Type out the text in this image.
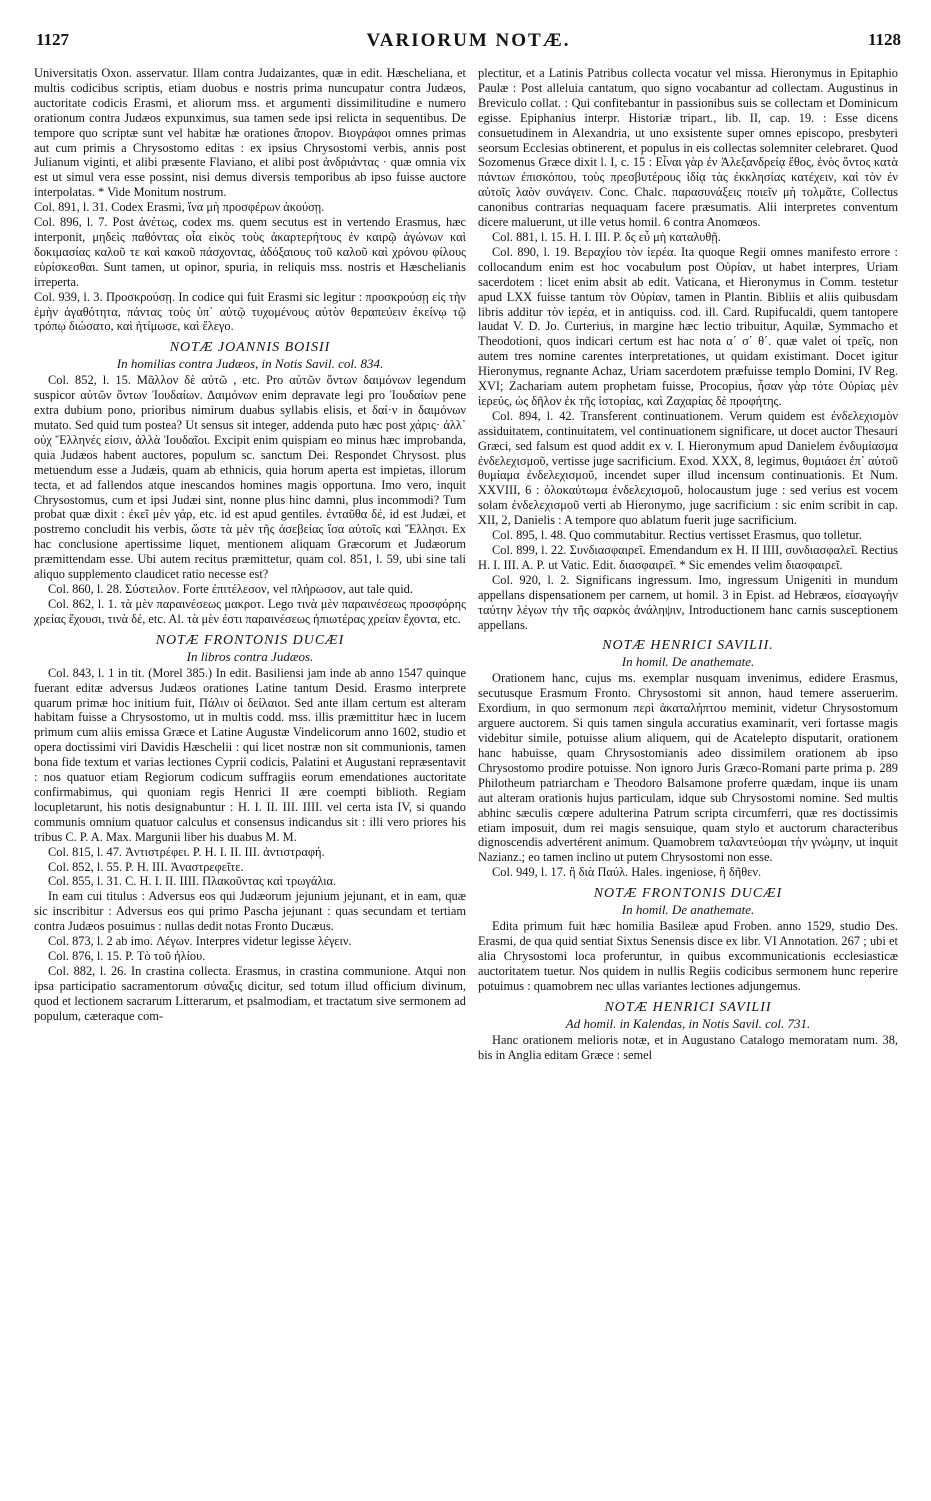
1127	VARIORUM NOTÆ.	1128

Universitatis Oxon. asservatur. Illam contra Judaizantes, quæ in edit. Hæscheliana, et multis codicibus scriptis, etiam duobus e nostris prima nuncupatur contra Judæos, auctoritate codicis Erasmi, et aliorum mss. et argumenti dissimilitudine e numero orationum contra Judæos expunximus, sua tamen sede ipsi relicta in sequentibus. De tempore quo scriptæ sunt vel habitæ hæ orationes ἄπορον. Βιογράφοι omnes primas aut cum primis a Chrysostomo editas : ex ipsius Chrysostomi verbis, annis post Julianum viginti, et alibi præsente Flaviano, et alibi post ἀνδριάντας · quæ omnia vix est ut simul vera esse possint, nisi demus diversis temporibus ab ipso fuisse auctore interpolatas. * Vide Monitum nostrum.

Col. 891, l. 31. Codex Erasmi, ἵνα μὴ προσφέρων ἀκούσῃ.

Col. 896, l. 7. Post ἀνέτως, codex ms. quem secutus est in vertendo Erasmus, hæc interponit, μηδεὶς παθόντας οἷα εἰκὸς τοὺς ἀκαρτερήτους ἐν καιρῷ ἀγώνων καὶ δοκιμασίας καλοῦ τε καὶ κακοῦ πάσχοντας, ἀδόξαιους τοῦ καλοῦ καὶ χρόνου φίλους εὑρίσκεσθαι. Sunt tamen, ut opinor, spuria, in reliquis mss. nostris et Hæschelianis irreperta.

Col. 939, l. 3. Προσκρούσῃ. In codice qui fuit Erasmi sic legitur : προσκρούσῃ εἰς τὴν ἐμὴν ἀγαθότητα, πάντας τοὺς ὑπ᾽ αὐτῷ τυχομένους αὐτὸν θεραπεύειν ἐκείνῳ τῷ τρόπῳ διώσατο, καὶ ἠτίμωσε, καὶ ἔλεγο.

NOTÆ JOANNIS BOISII
In homilias contra Judæos, in Notis Savil. col. 834.

Col. 852, l. 15. Μᾶλλον δὲ αὐτῶ , etc. Pro αὐτῶν ὄντων δαιμόνων legendum suspicor αὐτῶν ὄντων Ἰουδαίων. Δαιμόνων enim depravate legi pro Ἰουδαίων pene extra dubium pono, prioribus nimirum duabus syllabis elisis, et δαί·ν in δαιμόνων mutato. Sed quid tum postea? Ut sensus sit integer, addenda puto hæc post χάρις· ἀλλ᾽ οὐχ Ἕλληνές εἰσιν, ἀλλὰ Ἰουδαῖοι. Excipit enim quispiam eo minus hæc improbanda, quia Judæos habent auctores, populum sc. sanctum Dei. Respondet Chrysost. plus metuendum esse a Judæis, quam ab ethnicis, quia horum aperta est impietas, illorum tecta, et ad fallendos atque inescandos homines magis opportuna. Imo vero, inquit Chrysostomus, cum et ipsi Judæi sint, nonne plus hinc damni, plus incommodi? Tum probat quæ dixit : ἐκεῖ μὲν γάρ, etc. id est apud gentiles. ἐνταῦθα δέ, id est Judæi, et postremo concludit his verbis, ὥστε τὰ μὲν τῆς ἀσεβείας ἴσα αὐτοῖς καὶ Ἕλλησι. Ex hac conclusione apertissime liquet, mentionem aliquam Græcorum et Judæorum præmittendam esse. Ubi autem recitus præmittetur, quam col. 851, l. 59, ubi sine tali aliquo supplemento claudicet ratio necesse est?

Col. 860, l. 28. Σύστειλον. Forte ἐπιτέλεσον, vel πλήρωσον, aut tale quid.

Col. 862, l. 1. τὰ μὲν παραινέσεως μακροτ. Lego τινὰ μὲν παραινέσεως προσφόρης χρείας ἔχουσι, τινὰ δέ, etc. Al. τὰ μὲν ἐστι παραινέσεως ἠπιωτέρας χρείαν ἔχοντα, etc.

NOTÆ FRONTONIS DUCÆI
In libros contra Judæos.

Col. 843, l. 1 in tit. (Morel 385.) In edit. Basiliensi jam inde ab anno 1547 quinque fuerant editæ adversus Judæos orationes Latine tantum Desid. Erasmo interprete quarum primæ hoc initium fuit, Πάλιν οἱ δείλαιοι. Sed ante illam certum est alteram habitam fuisse a Chrysostomo, ut in multis codd. mss. illis præmittitur hæc in lucem primum cum aliis emissa Græce et Latine Augustæ Vindelicorum anno 1602, studio et opera doctissimi viri Davidis Hæschelii : qui licet nostræ non sit communionis, tamen bona fide textum et varias lectiones Cyprii codicis, Palatini et Augustani repræsentavit : nos quatuor etiam Regiorum codicum suffragiis eorum emendationes auctoritate confirmabimus, qui quoniam regis Henrici II ære coempti biblioth. Regiam locupletarunt, his notis designabuntur : H. I. II. III. IIII. vel certa ista IV, si quando communis omnium quatuor calculus et consensus indicandus sit : illi vero priores his tribus C. P. A. Max. Margunii liber his duabus M. M.

Col. 815, l. 47. Ἀντιστρέφει. P. H. I. II. III. ἀντιστραφή.

Col. 852, l. 55. P. H. III. Ἀναστρεφεῖτε.

Col. 855, l. 31. C. H. I. II. IIII. Πλακοῦντας καὶ τρωγάλια.

In eam cui titulus : Adversus eos qui Judæorum jejunium jejunant, et in eam, quæ sic inscribitur : Adversus eos qui primo Pascha jejunant : quas secundam et tertiam contra Judæos posuimus : nullas dedit notas Fronto Ducæus.

Col. 873, l. 2 ab imo. Λέγων. Interpres videtur legisse λέγειν.

Col. 876, l. 15. P. Τὸ τοῦ ἡλίου.

Col. 882, l. 26. In crastina collecta. Erasmus, in crastina communione. Atqui non ipsa participatio sacramentorum σύναξις dicitur, sed totum illud officium divinum, quod et lectionem sacrarum Litterarum, et psalmodiam, et tractatum sive sermonem ad populum, cæteraque com-

plectitur, et a Latinis Patribus collecta vocatur vel missa. Hieronymus in Epitaphio Paulæ : Post alleluia cantatum, quo signo vocabantur ad collectam. Augustinus in Breviculo collat. : Qui confitebantur in passionibus suis se collectam et Dominicum egisse. Epiphanius interpr. Historiæ tripart., lib. II, cap. 19. : Esse dicens consuetudinem in Alexandria, ut uno exsistente super omnes episcopo, presbyteri seorsum Ecclesias obtinerent, et populus in eis collectas solemniter celebraret. Quod Sozomenus Græce dixit l. I, c. 15 : Εἶναι γὰρ ἐν Ἀλεξανδρείᾳ ἔθος, ἑνὸς ὄντος κατὰ πάντων ἐπισκόπου, τοὺς πρεσβυτέρους ἰδίᾳ τὰς ἐκκλησίας κατέχειν, καὶ τὸν ἐν αὐτοῖς λαὸν συνάγειν. Conc. Chalc. παρασυνάξεις ποιεῖν μὴ τολμᾶτε, Collectus canonibus contrarias nequaquam facere præsumatis. Alii interpretes conventum dicere maluerunt, ut ille vetus homil. 6 contra Anomœos.

Col. 881, l. 15. H. I. III. P. δς εὖ μὴ καταλυθῇ.

Col. 890, l. 19. Βεραχίου τὸν ἱερέα. Ita quoque Regii omnes manifesto errore : collocandum enim est hoc vocabulum post Οὐρίαν, ut habet interpres, Uriam sacerdotem : licet enim absit ab edit. Vaticana, et Hieronymus in Comm. testetur apud LXX fuisse tantum τὸν Οὐρίαν, tamen in Plantin. Bibliis et aliis quibusdam libris additur τὸν ἱερέα, et in antiquiss. cod. ill. Card. Rupifucaldi, quem tantopere laudat V. D. Jo. Curterius, in margine hæc lectio tribuitur, Aquilæ, Symmacho et Theodotioni, quos indicari certum est hac nota α΄ σ΄ θ΄. quæ valet οἱ τρεῖς, non autem tres nomine carentes interpretationes, ut quidam existimant. Docet igitur Hieronymus, regnante Achaz, Uriam sacerdotem præfuisse templo Domini, IV Reg. XVI; Zachariam autem prophetam fuisse, Procopius, ἦσαν γὰρ τότε Οὐρίας μὲν ἱερεύς, ὡς δῆλον ἐκ τῆς ἱστορίας, καὶ Ζαχαρίας δὲ προφήτης.

Col. 894, l. 42. Transferent continuationem. Verum quidem est ἐνδελεχισμὸν assiduitatem, continuitatem, vel continuationem significare, ut docet auctor Thesauri Græci, sed falsum est quod addit ex v. I. Hieronymum apud Danielem ἐνδυμίασμα ἐνδελεχισμοῦ, vertisse juge sacrificium. Exod. XXX, 8, legimus, θυμιάσει ἐπ᾽ αὐτοῦ θυμίαμα ἐνδελεχισμοῦ, incendet super illud incensum continuationis. Et Num. XXVIII, 6 : ὁλοκαύτωμα ἐνδελεχισμοῦ, holocaustum juge : sed verius est vocem solam ἐνδελεχισμοῦ verti ab Hieronymo, juge sacrificium : sic enim scribit in cap. XII, 2, Danielis : A tempore quo ablatum fuerit juge sacrificium.

Col. 895, l. 48. Quo commutabitur. Rectius vertisset Erasmus, quo tolletur.

Col. 899, l. 22. Συνδιασφαιρεῖ. Emendandum ex H. II IIII, συνδιασφαλεῖ. Rectius H. I. III. A. P. ut Vatic. Edit. διασφαιρεῖ. * Sic emendes velim διασφαιρεῖ.

Col. 920, l. 2. Significans ingressum. Imo, ingressum Unigeniti in mundum appellans dispensationem per carnem, ut homil. 3 in Epist. ad Hebræos, εἰσαγωγὴν ταύτην λέγων τὴν τῆς σαρκὸς ἀνάληψιν, Introductionem hanc carnis susceptionem appellans.

NOTÆ HENRICI SAVILII.
In homil. De anathemate.

Orationem hanc, cujus ms. exemplar nusquam invenimus, edidere Erasmus, secutusque Erasmum Fronto. Chrysostomi sit annon, haud temere asseruerim. Exordium, in quo sermonum περὶ ἀκαταλήπτου meminit, videtur Chrysostomum arguere auctorem. Si quis tamen singula accuratius examinarit, veri fortasse magis videbitur simile, potuisse alium aliquem, qui de Acatelepto disputarit, orationem hanc habuisse, quam Chrysostomianis adeo dissimilem orationem ab ipso Chrysostomo prodire potuisse. Non ignoro Juris Græco-Romani parte prima p. 289 Philotheum patriarcham e Theodoro Balsamone proferre quædam, inque iis unam aut alteram orationis hujus particulam, idque sub Chrysostomi nomine. Sed multis abhinc sæculis cœpere adulterina Patrum scripta circumferri, quæ res doctissimis etiam imposuit, dum rei magis sensuique, quam stylo et auctorum characteribus dignoscendis advertérent animum. Quamobrem ταλαντεύομαι τὴν γνώμην, ut inquit Nazianz.; eo tamen inclino ut putem Chrysostomi non esse.

Col. 949, l. 17. ἢ διὰ Παύλ. Hales. ingeniose, ἢ δῆθεν.

NOTÆ FRONTONIS DUCÆI
In homil. De anathemate.

Edita primum fuit hæc homilia Basileæ apud Froben. anno 1529, studio Des. Erasmi, de qua quid sentiat Sixtus Senensis disce ex libr. VI Annotation. 267 ; ubi et alia Chrysostomi loca proferuntur, in quibus excommunicationis ecclesiasticæ auctoritatem tuetur. Nos quidem in nullis Regiis codicibus sermonem hunc reperire potuimus : quamobrem nec ullas variantes lectiones adjungemus.

NOTÆ HENRICI SAVILII
Ad homil. in Kalendas, in Notis Savil. col. 731.

Hanc orationem melioris notæ, et in Augustano Catalogo memoratam num. 38, bis in Anglia editam Græce : semel
